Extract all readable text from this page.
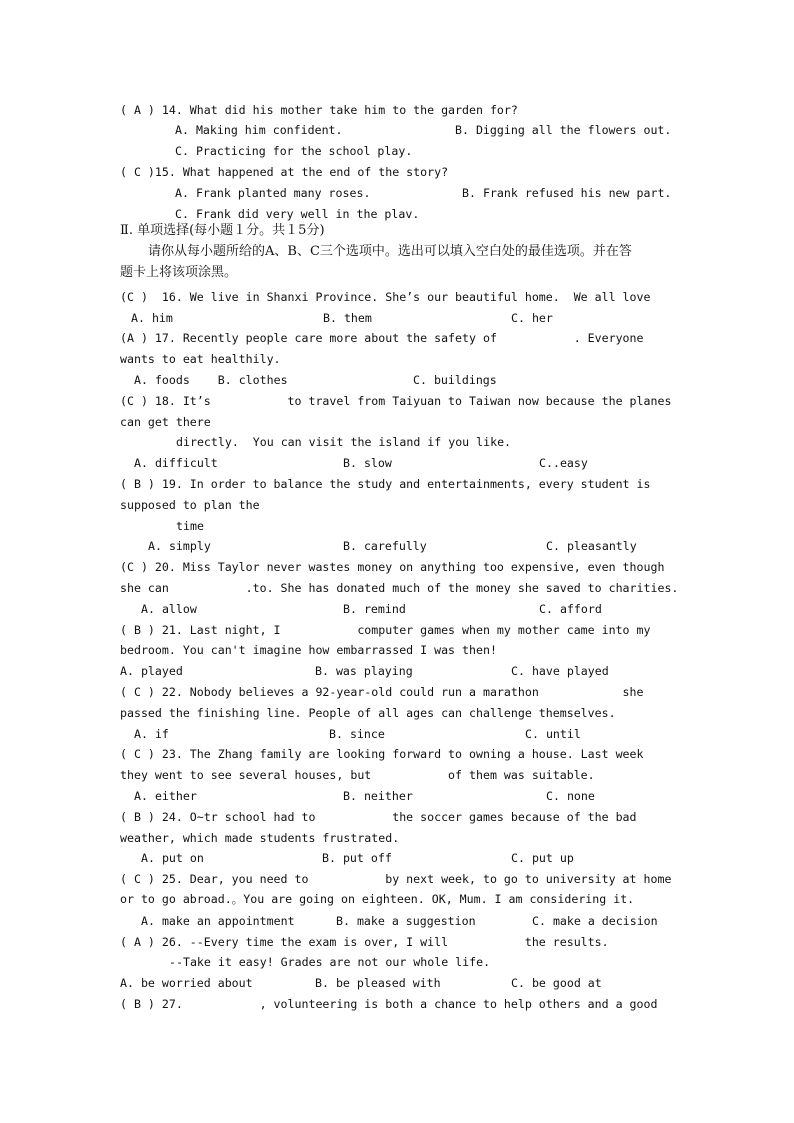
( A ) 14. What did his mother take him to the garden for?
A. Making him confident.	B. Digging all the flowers out.
C. Practicing for the school play.
( C )15. What happened at the end of the story?
A. Frank planted many roses.	B. Frank refused his new part.
C. Frank did very well in the plav.
Ⅱ. 单项选择(每小题１分。共１5分)
请你从每小题所给的A、B、C三个选项中。选出可以填入空白处的最佳选项。并在答
题卡上将该项涂黑。
(C )  16. We live in Shanxi Province. She’s our beautiful home.  We all love
A. him	B. them	C. her
(A ) 17. Recently people care more about the safety of           . Everyone
wants to eat healthily.
A. foods    B. clothes	C. buildings
(C ) 18. It’s           to travel from Taiyuan to Taiwan now because the planes
can get there
directly.  You can visit the island if you like.
A. difficult	B. slow	C..easy
( B ) 19. In order to balance the study and entertainments, every student is
supposed to plan the
time
A. simply	B. carefully	C. pleasantly
(C ) 20. Miss Taylor never wastes money on anything too expensive, even though
she can           .to. She has donated much of the money she saved to charities.
A. allow	B. remind	C. afford
( B ) 21. Last night, I           computer games when my mother came into my
bedroom. You can't imagine how embarrassed I was then!
A. played	B. was playing	C. have played
( C ) 22. Nobody believes a 92-year-old could run a marathon            she
passed the finishing line. People of all ages can challenge themselves.
A. if	B. since	C. until
( C ) 23. The Zhang family are looking forward to owning a house. Last week
they went to see several houses, but           of them was suitable.
A. either	B. neither	C. none
( B ) 24. O~tr school had to           the soccer games because of the bad
weather, which made students frustrated.
A. put on	B. put off	C. put up
( C ) 25. Dear, you need to           by next week, to go to university at home
or to go abroad.。You are going on eighteen. OK, Mum. I am considering it.
A. make an appointment	B. make a suggestion	C. make a decision
( A ) 26. --Every time the exam is over, I will           the results.
--Take it easy! Grades are not our whole life.
A. be worried about	B. be pleased with	C. be good at
( B ) 27.           , volunteering is both a chance to help others and a good
